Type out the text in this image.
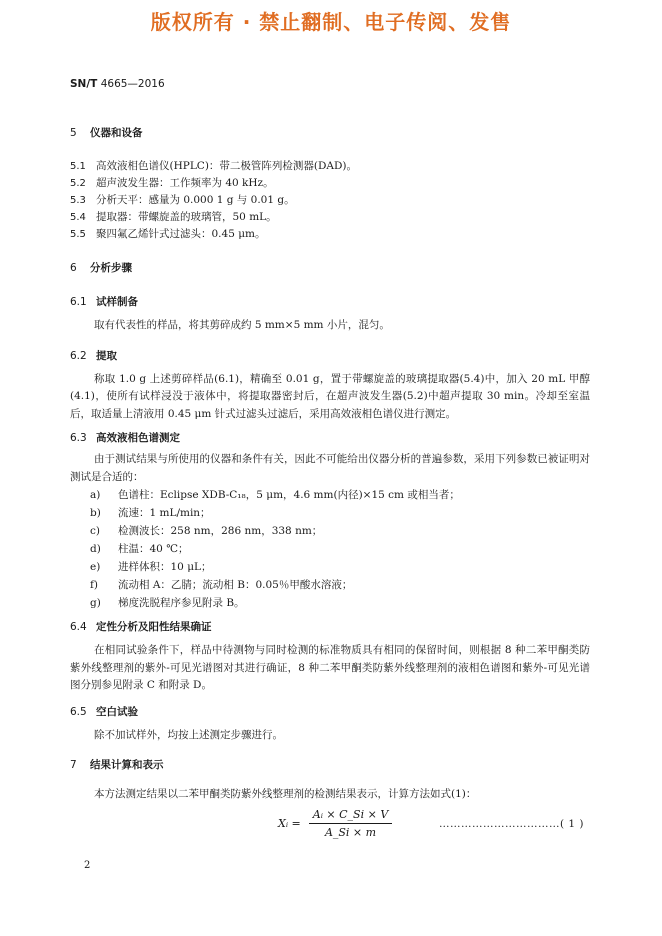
版权所有 · 禁止翻制、电子传阅、发售
SN/T 4665—2016
5	仪器和设备
5.1 高效液相色谱仪(HPLC)：带二极管阵列检测器(DAD)。
5.2 超声波发生器：工作频率为 40 kHz。
5.3 分析天平：感量为 0.000 1 g 与 0.01 g。
5.4 提取器：带螺旋盖的玻璃管，50 mL。
5.5 聚四氟乙烯针式过滤头：0.45 μm。
6	分析步骤
6.1 试样制备
取有代表性的样品，将其剪碎成约 5 mm×5 mm 小片，混匀。
6.2 提取
称取 1.0 g 上述剪碎样品(6.1)，精确至 0.01 g，置于带螺旋盖的玻璃提取器(5.4)中，加入 20 mL 甲醇(4.1)，使所有试样浸没于液体中，将提取器密封后，在超声波发生器(5.2)中超声提取 30 min。冷却至室温后，取适量上清液用 0.45 μm 针式过滤头过滤后，采用高效液相色谱仪进行测定。
6.3 高效液相色谱测定
由于测试结果与所使用的仪器和条件有关，因此不可能给出仪器分析的普遍参数，采用下列参数已被证明对测试是合适的：
a)	色谱柱：Eclipse XDB-C₁₈，5 μm，4.6 mm(内径)×15 cm 或相当者；
b)	流速：1 mL/min；
c)	检测波长：258 nm，286 nm，338 nm；
d)	柱温：40 ℃；
e)	进样体积：10 μL；
f)	流动相 A：乙腈；流动相 B：0.05％甲酸水溶液；
g)	梯度洗脱程序参见附录 B。
6.4 定性分析及阳性结果确证
在相同试验条件下，样品中待测物与同时检测的标准物质具有相同的保留时间，则根据 8 种二苯甲酮类防紫外线整理剂的紫外-可见光谱图对其进行确证，8 种二苯甲酮类防紫外线整理剂的液相色谱图和紫外-可见光谱图分别参见附录 C 和附录 D。
6.5 空白试验
除不加试样外，均按上述测定步骤进行。
7	结果计算和表示
本方法测定结果以二苯甲酮类防紫外线整理剂的检测结果表示，计算方法如式(1)：
Xᵢ = $\frac{\text{Aᵢ × C\_Si × V}}{A\_Si \times m}$	……………………………( 1 )
2
